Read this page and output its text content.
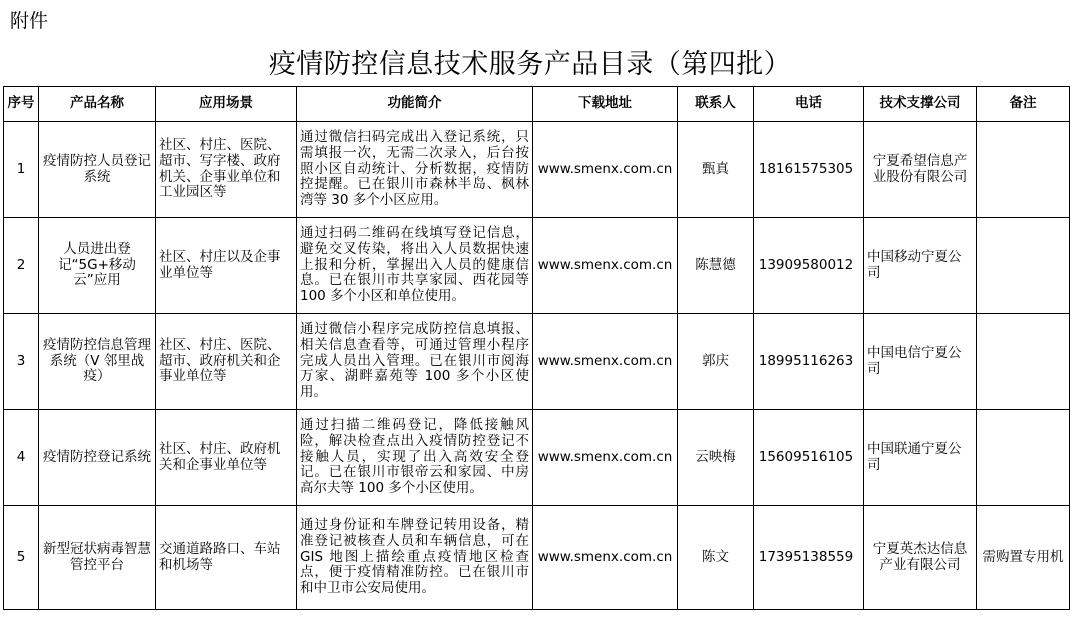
附件
疫情防控信息技术服务产品目录（第四批）
序号	产品名称	应用场景	功能简介	下载地址	联系人	电话	技术支撑公司	备注
1	疫情防控人员登记系统	社区、村庄、医院、超市、写字楼、政府机关、企事业单位和工业园区等	通过微信扫码完成出入登记系统，只需填报一次，无需二次录入，后台按照小区自动统计、分析数据，疫情防控提醒。已在银川市森林半岛、枫林湾等 30 多个小区应用。	www.smenx.com.cn	甄真	18161575305	宁夏希望信息产业股份有限公司	
2	人员进出登记“5G+移动云”应用	社区、村庄以及企事业单位等	通过扫码二维码在线填写登记信息，避免交叉传染，将出入人员数据快速上报和分析，掌握出入人员的健康信息。已在银川市共享家园、西花园等 100 多个小区和单位使用。	www.smenx.com.cn	陈慧德	13909580012	中国移动宁夏公司	
3	疫情防控信息管理系统（V 邻里战疫）	社区、村庄、医院、超市、政府机关和企事业单位等	通过微信小程序完成防控信息填报、相关信息查看等，可通过管理小程序完成人员出入管理。已在银川市阅海万家、湖畔嘉苑等 100 多个小区使用。	www.smenx.com.cn	郭庆	18995116263	中国电信宁夏公司	
4	疫情防控登记系统	社区、村庄、政府机关和企事业单位等	通过扫描二维码登记，降低接触风险，解决检查点出入疫情防控登记不接触人员，实现了出入高效安全登记。已在银川市银帝云和家园、中房高尔夫等 100 多个小区使用。	www.smenx.com.cn	云映梅	15609516105	中国联通宁夏公司	
5	新型冠状病毒智慧管控平台	交通道路路口、车站和机场等	通过身份证和车牌登记转用设备，精准登记被核查人员和车辆信息，可在 GIS 地图上描绘重点疫情地区检查点，便于疫情精准防控。已在银川市和中卫市公安局使用。	www.smenx.com.cn	陈文	17395138559	宁夏英杰达信息产业有限公司	需购置专用机
